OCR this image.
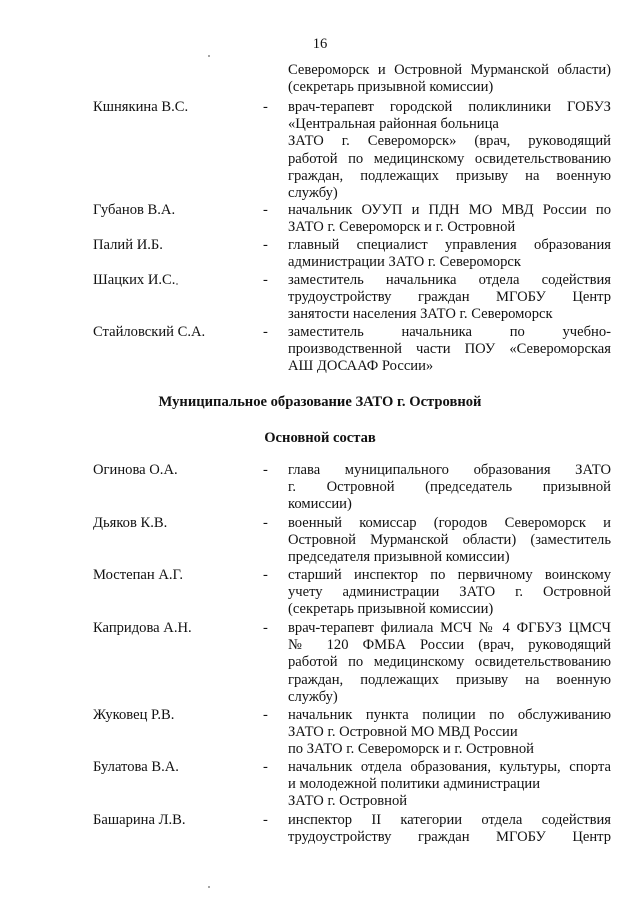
16
Североморск и Островной Мурманской области)
(секретарь призывной комиссии)
Кшнякина В.С.	- врач-терапевт городской поликлиники ГОБУЗ
«Центральная районная больница
ЗАТО г. Североморск» (врач, руководящий
работой по медицинскому освидетельствованию
граждан, подлежащих призыву на военную
службу)
Губанов В.А.	- начальник ОУУП и ПДН МО МВД России по
ЗАТО г. Североморск и г. Островной
Палий И.Б.	- главный специалист управления образования
администрации ЗАТО г. Североморск
Шацких И.С.	- заместитель начальника отдела содействия
трудоустройству граждан МГОБУ Центр
занятости населения ЗАТО г. Североморск
Стайловский С.А.	- заместитель начальника по учебно-
производственной части ПОУ «Североморская
АШ ДОСААФ России»
Муниципальное образование ЗАТО г. Островной
Основной состав
Огинова О.А.	- глава муниципального образования ЗАТО
г. Островной (председатель призывной
комиссии)
Дьяков К.В.	- военный комиссар (городов Североморск и
Островной Мурманской области) (заместитель
председателя призывной комиссии)
Мостепан А.Г.	- старший инспектор по первичному воинскому
учету администрации ЗАТО г. Островной
(секретарь призывной комиссии)
Капридова А.Н.	- врач-терапевт филиала МСЧ № 4 ФГБУЗ ЦМСЧ
№ 120 ФМБА России (врач, руководящий
работой по медицинскому освидетельствованию
граждан, подлежащих призыву на военную
службу)
Жуковец Р.В.	- начальник пункта полиции по обслуживанию
ЗАТО г. Островной МО МВД России
по ЗАТО г. Североморск и г. Островной
Булатова В.А.	- начальник отдела образования, культуры, спорта
и молодежной политики администрации
ЗАТО г. Островной
Башарина Л.В.	- инспектор II категории отдела содействия
трудоустройству граждан МГОБУ Центр
